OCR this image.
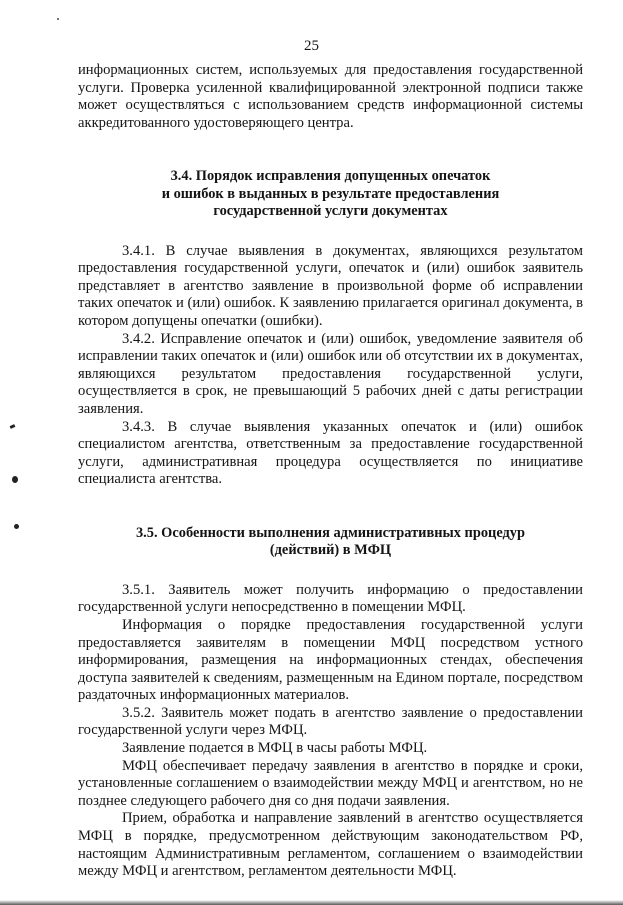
25

информационных систем, используемых для предоставления государственной услуги. Проверка усиленной квалифицированной электронной подписи также может осуществляться с использованием средств информационной системы аккредитованного удостоверяющего центра.

3.4. Порядок исправления допущенных опечаток
и ошибок в выданных в результате предоставления
государственной услуги документах

3.4.1. В случае выявления в документах, являющихся результатом предоставления государственной услуги, опечаток и (или) ошибок заявитель представляет в агентство заявление в произвольной форме об исправлении таких опечаток и (или) ошибок. К заявлению прилагается оригинал документа, в котором допущены опечатки (ошибки).

3.4.2. Исправление опечаток и (или) ошибок, уведомление заявителя об исправлении таких опечаток и (или) ошибок или об отсутствии их в документах, являющихся результатом предоставления государственной услуги, осуществляется в срок, не превышающий 5 рабочих дней с даты регистрации заявления.

3.4.3. В случае выявления указанных опечаток и (или) ошибок специалистом агентства, ответственным за предоставление государственной услуги, административная процедура осуществляется по инициативе специалиста агентства.

3.5. Особенности выполнения административных процедур
(действий) в МФЦ

3.5.1. Заявитель может получить информацию о предоставлении государственной услуги непосредственно в помещении МФЦ.

Информация о порядке предоставления государственной услуги предоставляется заявителям в помещении МФЦ посредством устного информирования, размещения на информационных стендах, обеспечения доступа заявителей к сведениям, размещенным на Едином портале, посредством раздаточных информационных материалов.

3.5.2. Заявитель может подать в агентство заявление о предоставлении государственной услуги через МФЦ.

Заявление подается в МФЦ в часы работы МФЦ.

МФЦ обеспечивает передачу заявления в агентство в порядке и сроки, установленные соглашением о взаимодействии между МФЦ и агентством, но не позднее следующего рабочего дня со дня подачи заявления.

Прием, обработка и направление заявлений в агентство осуществляется МФЦ в порядке, предусмотренном действующим законодательством РФ, настоящим Административным регламентом, соглашением о взаимодействии между МФЦ и агентством, регламентом деятельности МФЦ.
